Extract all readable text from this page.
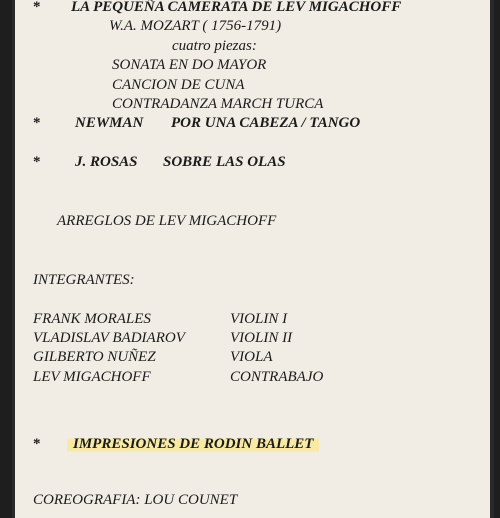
* LA PEQUEÑA CAMERATA DE LEV MIGACHOFF
W.A. MOZART ( 1756-1791)
cuatro piezas:
SONATA EN DO MAYOR
CANCION DE CUNA
CONTRADANZA MARCH TURCA
* NEWMAN POR UNA CABEZA / TANGO
* J. ROSAS SOBRE LAS OLAS
ARREGLOS DE LEV MIGACHOFF
INTEGRANTES:
FRANK MORALES	VIOLIN I
VLADISLAV BADIAROV	VIOLIN II
GILBERTO NUÑEZ	VIOLA
LEV MIGACHOFF	CONTRABAJO
*	IMPRESIONES DE RODIN BALLET
COREOGRAFIA: LOU COUNET
